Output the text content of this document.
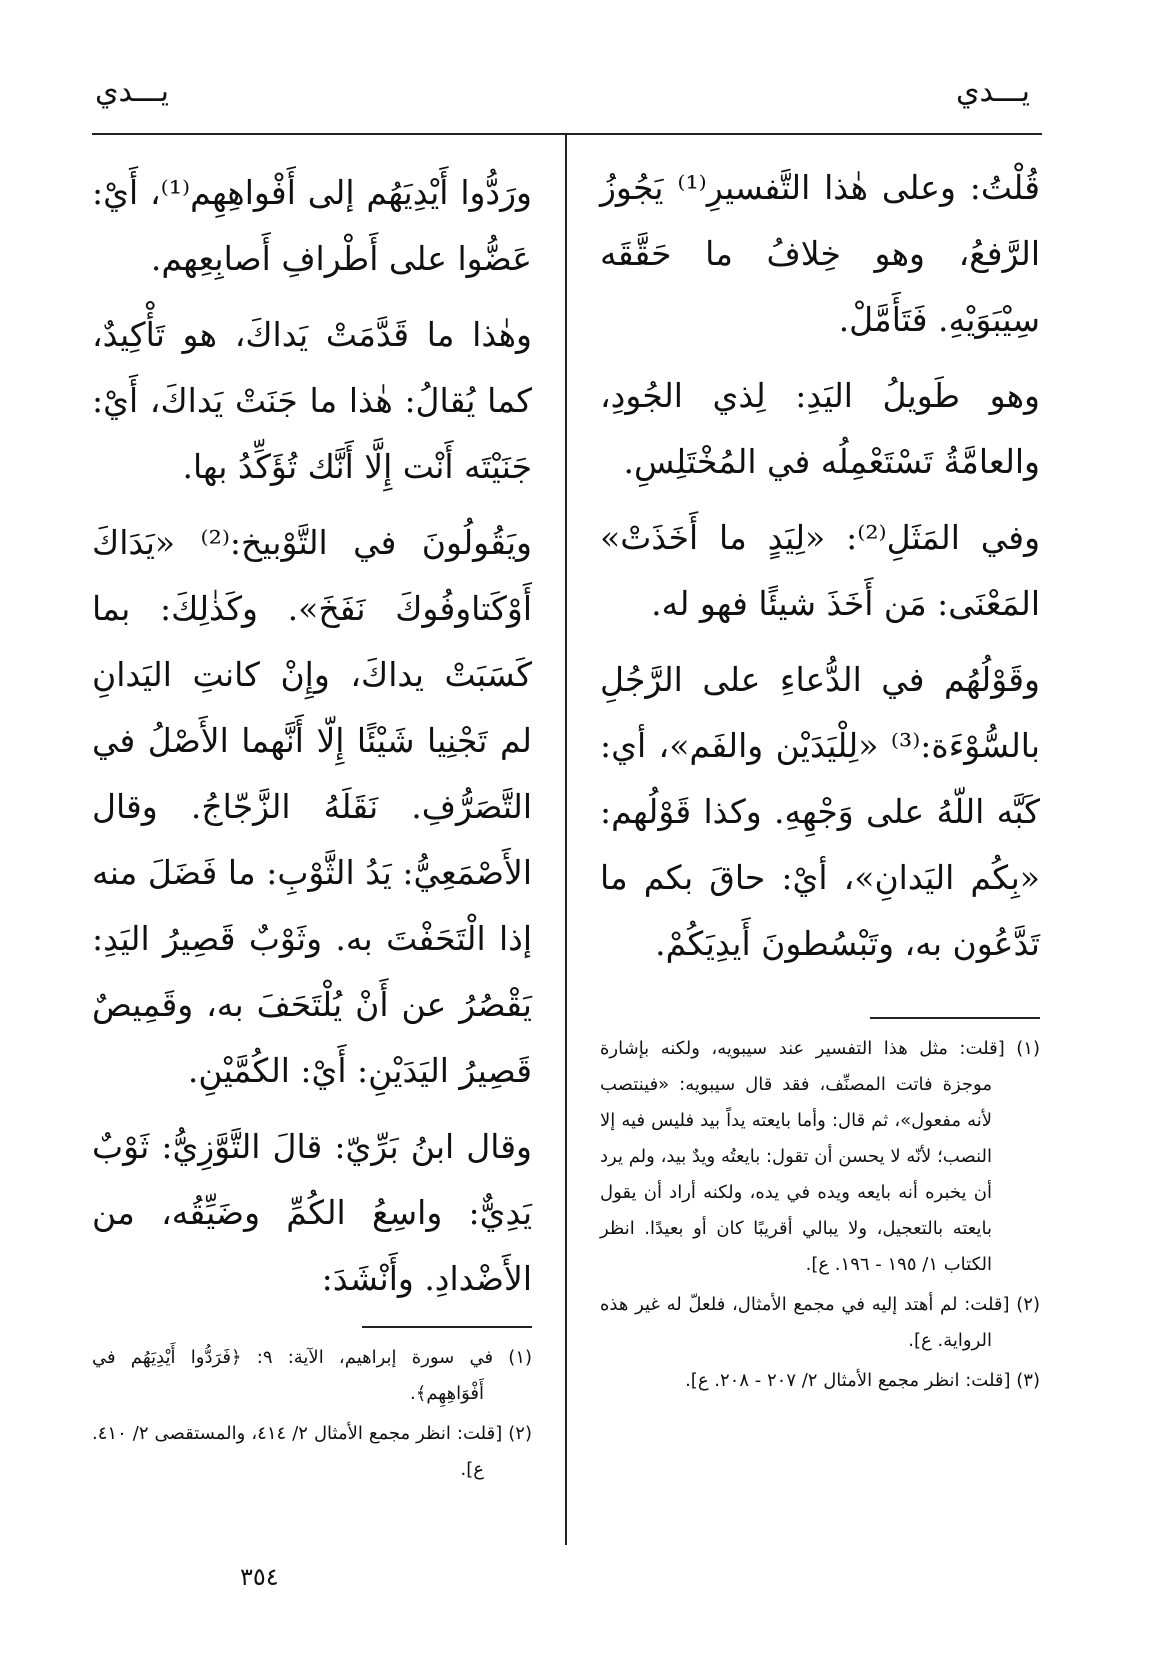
يـــدي
يـــدي

قُلْتُ: وعلى هٰذا التَّفسيرِ⁽¹⁾ يَجُوزُ الرَّفعُ، وهو خِلافُ ما حَقَّقَه سِيْبَوَيْهِ. فَتَأَمَّلْ.

وهو طَويلُ اليَدِ: لِذي الجُودِ، والعامَّةُ تَسْتَعْمِلُه في المُخْتَلِسِ.

وفي المَثَلِ⁽²⁾: «لِيَدٍ ما أَخَذَتْ» المَعْنَى: مَن أَخَذَ شيئًا فهو له.

وقَوْلُهُم في الدُّعاءِ على الرَّجُلِ بالسُّوْءَة:⁽³⁾ «لِلْيَدَيْن والفَم»، أي: كَبَّه اللّهُ على وَجْهِهِ. وكذا قَوْلُهم: «بِكُم اليَدانِ»، أيْ: حاقَ بكم ما تَدَّعُون به، وتَبْسُطونَ أَيدِيَكُمْ.

(١) [قلت: مثل هذا التفسير عند سيبويه، ولكنه بإشارة موجزة فاتت المصنِّف، فقد قال سيبويه: «فينتصب لأنه مفعول»، ثم قال: وأما بايعته يداً بيد فليس فيه إلا النصب؛ لأنّه لا يحسن أن تقول: بايعتُه ويدٌ بيد، ولم يرد أن يخبره أنه بايعه ويده في يده، ولكنه أراد أن يقول بايعته بالتعجيل، ولا يبالي أقريبًا كان أو بعيدًا. انظر الكتاب ١/ ١٩٥ - ١٩٦. ع].

(٢) [قلت: لم أهتد إليه في مجمع الأمثال، فلعلّ له غير هذه الرواية. ع].

(٣) [قلت: انظر مجمع الأمثال ٢/ ٢٠٧ - ٢٠٨. ع].

ورَدُّوا أَيْدِيَهُم إلى أَفْواهِهِم⁽¹⁾، أَيْ: عَضُّوا على أَطْرافِ أَصابِعِهم.

وهٰذا ما قَدَّمَتْ يَداكَ، هو تَأْكِيدٌ، كما يُقالُ: هٰذا ما جَنَتْ يَداكَ، أَيْ: جَنَيْتَه أَنْت إِلَّا أَنَّك تُؤَكِّدُ بها.

ويَقُولُونَ في التَّوْبيخ:⁽²⁾ «يَدَاكَ أَوْكَتاوفُوكَ نَفَخَ». وكَذٰلِكَ: بما كَسَبَتْ يداكَ، وإِنْ كانتِ اليَدانِ لم تَجْنِيا شَيْئًا إِلّا أَنَّهما الأَصْلُ في التَّصَرُّفِ. نَقَلَهُ الزَّجّاجُ. وقال الأَصْمَعِيُّ: يَدُ الثَّوْبِ: ما فَضَلَ منه إذا الْتَحَفْتَ به. وثَوْبٌ قَصِيرُ اليَدِ: يَقْصُرُ عن أَنْ يُلْتَحَفَ به، وقَمِيصٌ قَصِيرُ اليَدَيْنِ: أَيْ: الكُمَّيْنِ.

وقال ابنُ بَرِّيّ: قالَ التَّوَّزِيُّ: ثَوْبٌ يَدِيٌّ: واسِعُ الكُمِّ وضَيِّقُه، من الأَضْدادِ. وأَنْشَدَ:

(١) في سورة إبراهيم، الآية: ٩: ﴿فَرَدُّوا أَيْدِيَهُم في أَفْوَاهِهِم﴾.

(٢) [قلت: انظر مجمع الأمثال ٢/ ٤١٤، والمستقصى ٢/ ٤١٠. ع].

٣٥٤
